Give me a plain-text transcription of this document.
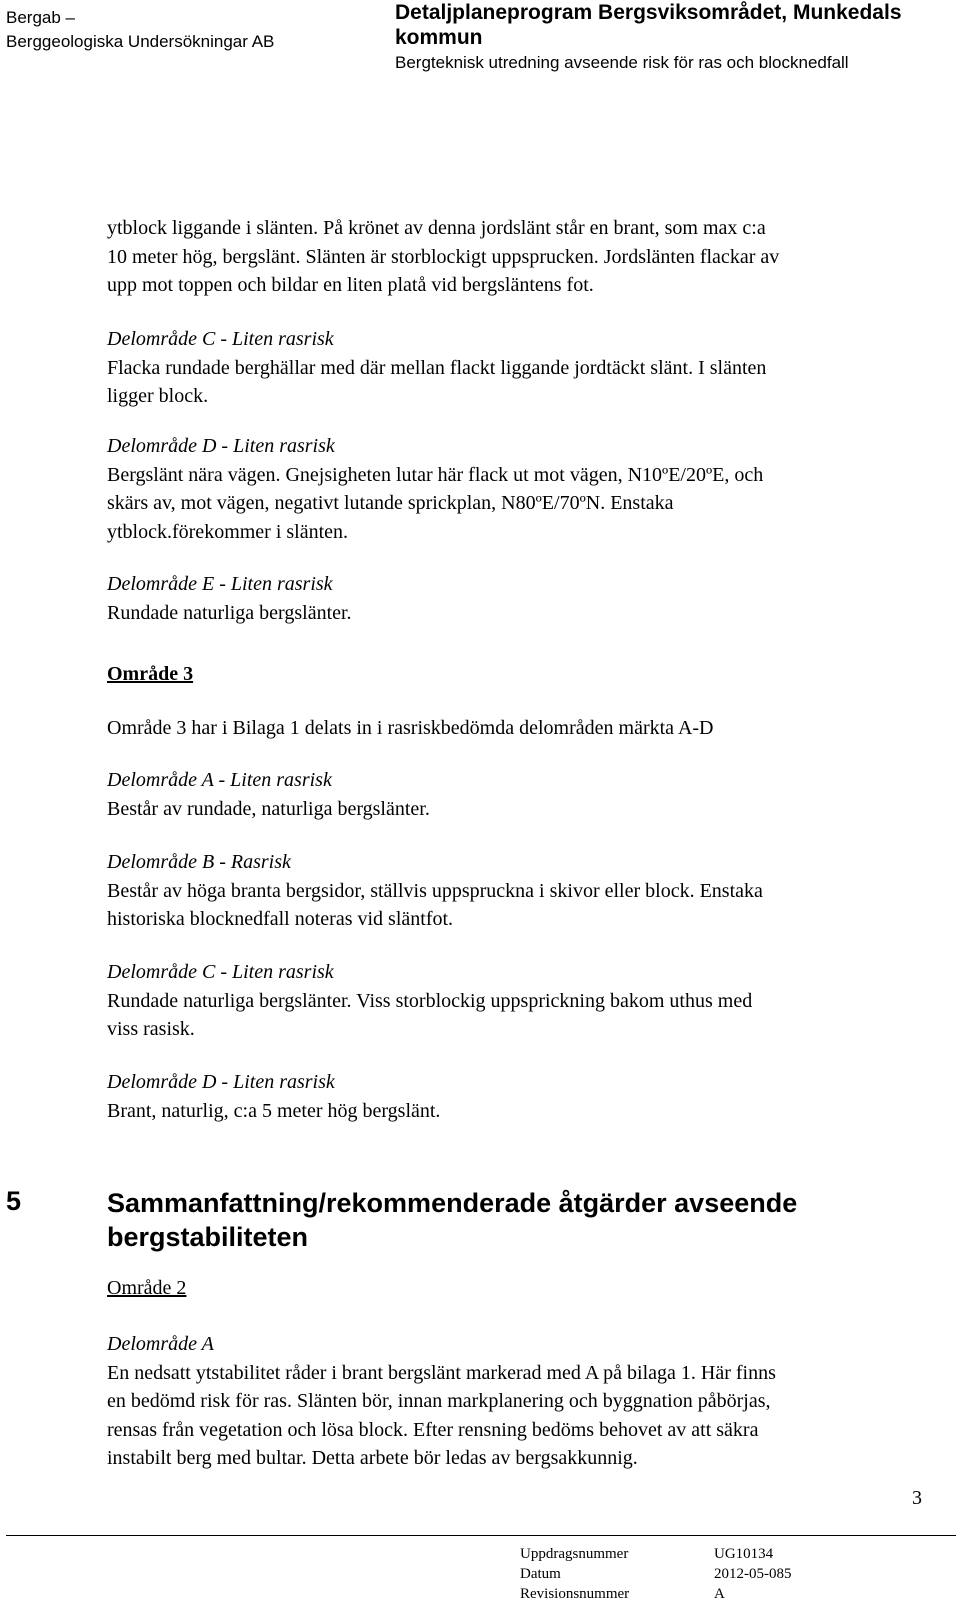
Bergab –
Berggeologiska Undersökningar AB
Detaljplaneprogram Bergsviksområdet, Munkedals
kommun
Bergteknisk utredning avseende risk för ras och blocknedfall
ytblock liggande i slänten. På krönet av denna jordslänt står en brant, som max c:a
10 meter hög, bergslänt. Slänten är storblockigt uppsprucken. Jordslänten flackar av
upp mot toppen och bildar en liten platå vid bergsläntens fot.
Delområde C - Liten rasrisk
Flacka rundade berghällar med där mellan flackt liggande jordtäckt slänt. I slänten
ligger block.
Delområde D - Liten rasrisk
Bergslänt nära vägen. Gnejsigheten lutar här flack ut mot vägen, N10ºE/20ºE, och
skärs av, mot vägen, negativt lutande sprickplan, N80ºE/70ºN. Enstaka
ytblock.förekommer i slänten.
Delområde E - Liten rasrisk
Rundade naturliga bergslänter.
Område 3
Område 3 har i Bilaga 1 delats in i rasriskbedömda delområden märkta A-D
Delområde A - Liten rasrisk
Består av rundade, naturliga bergslänter.
Delområde B - Rasrisk
Består av höga branta bergsidor, ställvis uppspruckna i skivor eller block. Enstaka
historiska blocknedfall noteras vid släntfot.
Delområde C - Liten rasrisk
Rundade naturliga bergslänter. Viss storblockig uppsprickning bakom uthus med
viss rasisk.
Delområde D - Liten rasrisk
Brant, naturlig, c:a 5 meter hög bergslänt.
5	Sammanfattning/rekommenderade åtgärder avseende
bergstabiliteten
Område 2
Delområde A
En nedsatt ytstabilitet råder i brant bergslänt markerad med A på bilaga 1. Här finns
en bedömd risk för ras. Slänten bör, innan markplanering och byggnation påbörjas,
rensas från vegetation och lösa block. Efter rensning bedöms behovet av att säkra
instabilt berg med bultar. Detta arbete bör ledas av bergsakkunnig.
3
Uppdragsnummer	UG10134
Datum	2012-05-085
Revisionsnummer	A
